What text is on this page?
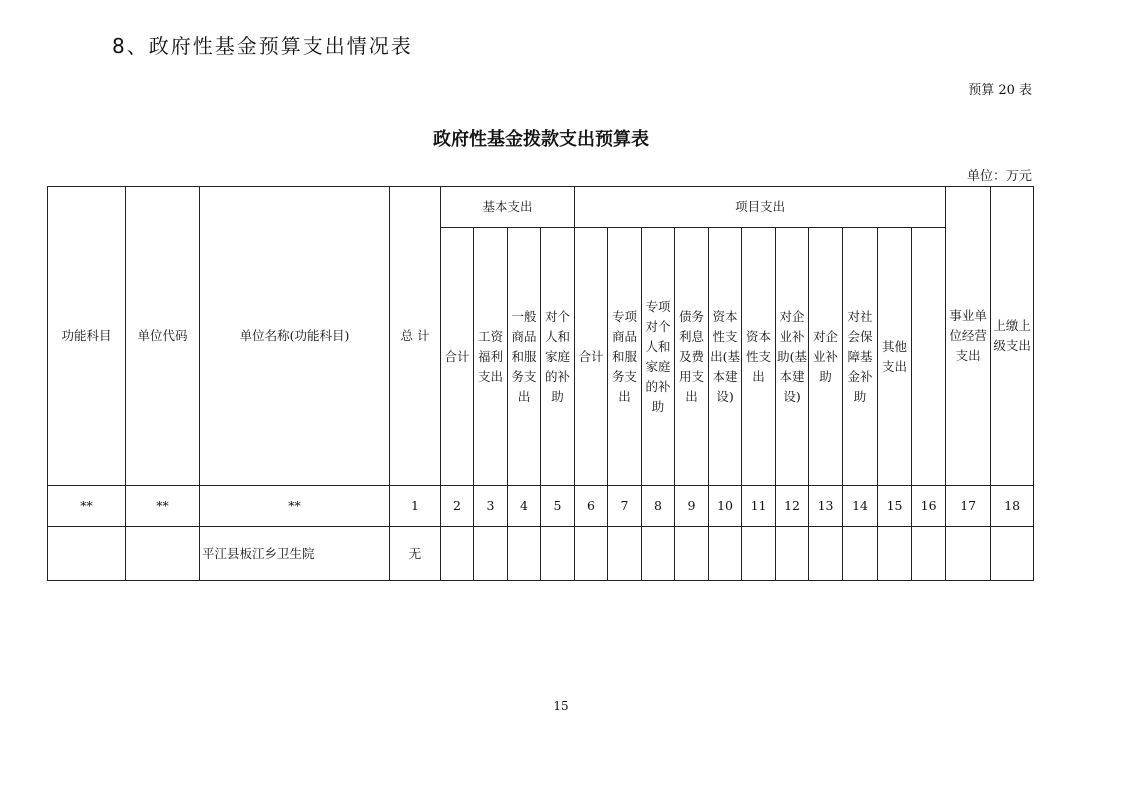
8、政府性基金预算支出情况表
预算 20 表
政府性基金拨款支出预算表
单位：万元
功能科目	单位代码	单位名称(功能科目)	总 计	基本支出				项目支出											事业单位经营支出	上缴上级支出	
				合计	工资福利支出	一般商品和服务支出	对个人和家庭的补助	合计	专项商品和服务支出	专项对个人和家庭的补助	债务利息及费用支出	资本性支出(基本建设)	资本性支出	对企业补助(基本建设)	对企业补助	对社会保障基金补助	其他支出				
**	**	**	1	2	3	4	5	6	7	8	9	10	11	12	13	14	15	16	17	18	
		平江县板江乡卫生院	无																		
15
